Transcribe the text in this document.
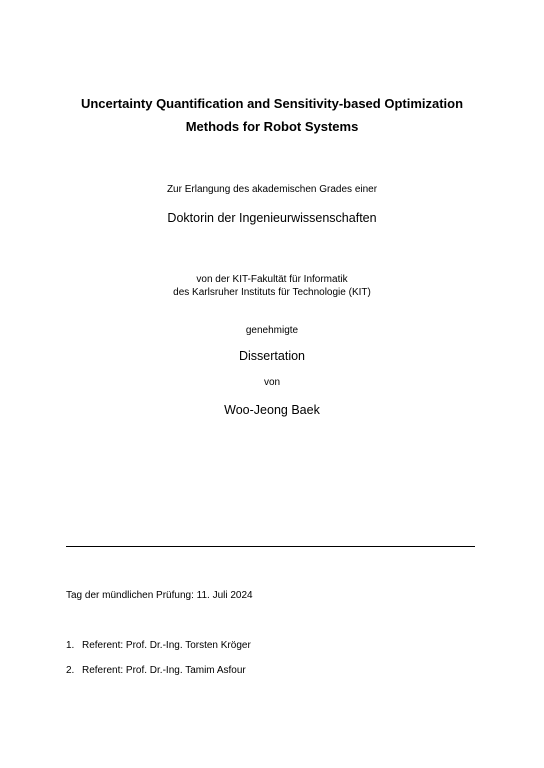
Uncertainty Quantification and Sensitivity-based Optimization
Methods for Robot Systems
Zur Erlangung des akademischen Grades einer
Doktorin der Ingenieurwissenschaften
von der KIT-Fakultät für Informatik
des Karlsruher Instituts für Technologie (KIT)
genehmigte
Dissertation
von
Woo-Jeong Baek
Tag der mündlichen Prüfung: 11. Juli 2024
1. Referent: Prof. Dr.-Ing. Torsten Kröger
2. Referent: Prof. Dr.-Ing. Tamim Asfour
